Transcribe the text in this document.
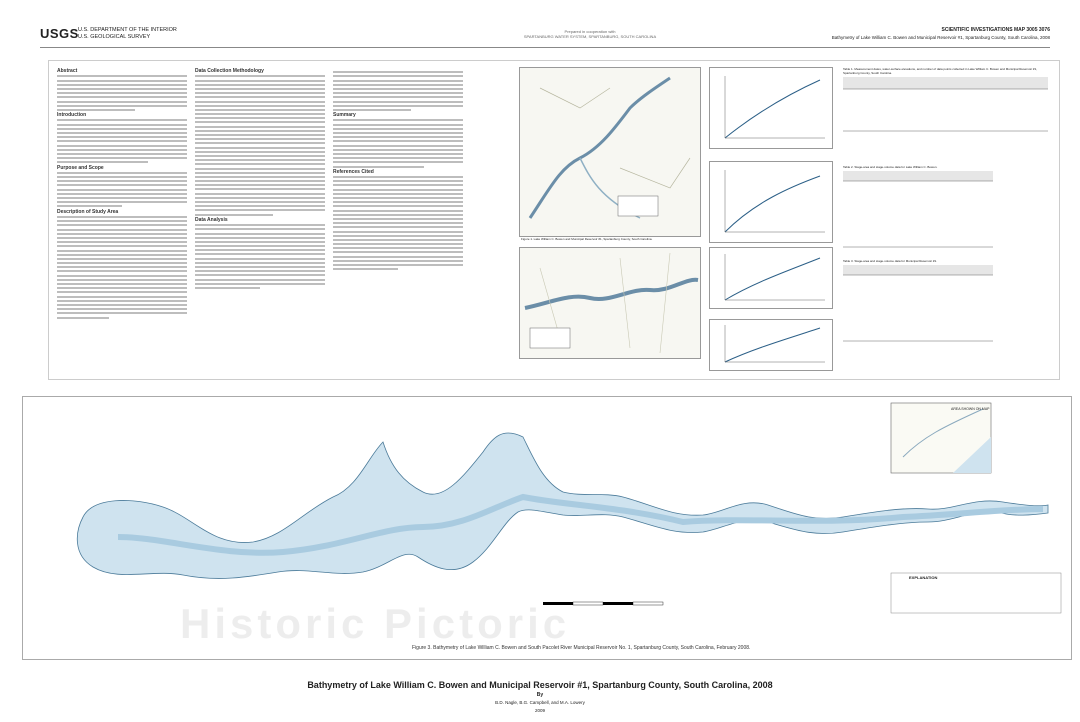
USGS U.S. DEPARTMENT OF THE INTERIOR
U.S. GEOLOGICAL SURVEY
Prepared in cooperation with
SPARTANBURG WATER SYSTEM, SPARTANBURG, SOUTH CAROLINA
SCIENTIFIC INVESTIGATIONS MAP 3005 3076
Bathymetry of Lake William C. Bowen and Municipal Reservoir #1, Spartanburg County, South Carolina, 2008
Abstract
Introduction
Purpose and Scope
Description of Study Area
Data Collection Methodology
Data Analysis
Summary
References Cited
Figure 1. Lake William C. Bowen and Municipal Reservoir #1, Spartanburg County, South Carolina.
Table 1. Measurement dates, water-surface elevations, and number of data points collected in Lake William C. Bowen and Municipal Reservoir #1, Spartanburg County, South Carolina.
Table 2. Stage-area and stage-volume data for Lake William C. Bowen.
Table 3. Stage-area and stage-volume data for Municipal Reservoir #1.
EXPLANATION
AREA SHOWN ON MAP
Historic Pictoric
Figure 3. Bathymetry of Lake William C. Bowen and South Pacolet River Municipal Reservoir No. 1, Spartanburg County, South Carolina, February 2008.
Bathymetry of Lake William C. Bowen and Municipal Reservoir #1, Spartanburg County, South Carolina, 2008
By
B.D. Nagle, B.G. Campbell, and M.A. Lowery
2009
